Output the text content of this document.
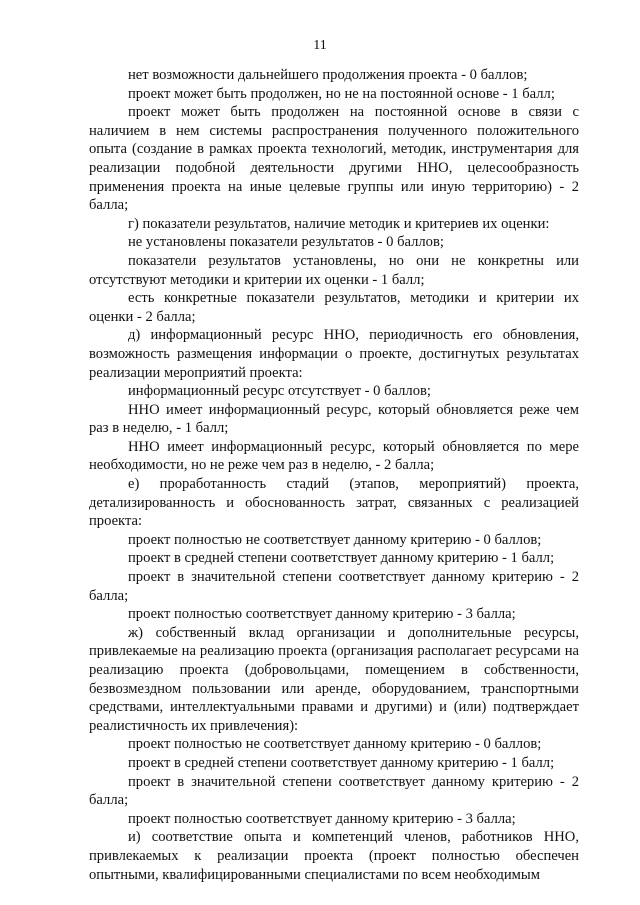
11

нет возможности дальнейшего продолжения проекта - 0 баллов;

проект может быть продолжен, но не на постоянной основе - 1 балл;

проект может быть продолжен на постоянной основе в связи с наличием в нем системы распространения полученного положительного опыта (создание в рамках проекта технологий, методик, инструментария для реализации подобной деятельности другими ННО, целесообразность применения проекта на иные целевые группы или иную территорию) - 2 балла;

г) показатели результатов, наличие методик и критериев их оценки:

не установлены показатели результатов - 0 баллов;

показатели результатов установлены, но они не конкретны или отсутствуют методики и критерии их оценки - 1 балл;

есть конкретные показатели результатов, методики и критерии их оценки - 2 балла;

д) информационный ресурс ННО, периодичность его обновления, возможность размещения информации о проекте, достигнутых результатах реализации мероприятий проекта:

информационный ресурс отсутствует - 0 баллов;

ННО имеет информационный ресурс, который обновляется реже чем раз в неделю, - 1 балл;

ННО имеет информационный ресурс, который обновляется по мере необходимости, но не реже чем раз в неделю, - 2 балла;

е) проработанность стадий (этапов, мероприятий) проекта, детализированность и обоснованность затрат, связанных с реализацией проекта:

проект полностью не соответствует данному критерию - 0 баллов;

проект в средней степени соответствует данному критерию - 1 балл;

проект в значительной степени соответствует данному критерию - 2 балла;

проект полностью соответствует данному критерию - 3 балла;

ж) собственный вклад организации и дополнительные ресурсы, привлекаемые на реализацию проекта (организация располагает ресурсами на реализацию проекта (добровольцами, помещением в собственности, безвозмездном пользовании или аренде, оборудованием, транспортными средствами, интеллектуальными правами и другими) и (или) подтверждает реалистичность их привлечения):

проект полностью не соответствует данному критерию - 0 баллов;

проект в средней степени соответствует данному критерию - 1 балл;

проект в значительной степени соответствует данному критерию - 2 балла;

проект полностью соответствует данному критерию - 3 балла;

и) соответствие опыта и компетенций членов, работников ННО, привлекаемых к реализации проекта (проект полностью обеспечен опытными, квалифицированными специалистами по всем необходимым
